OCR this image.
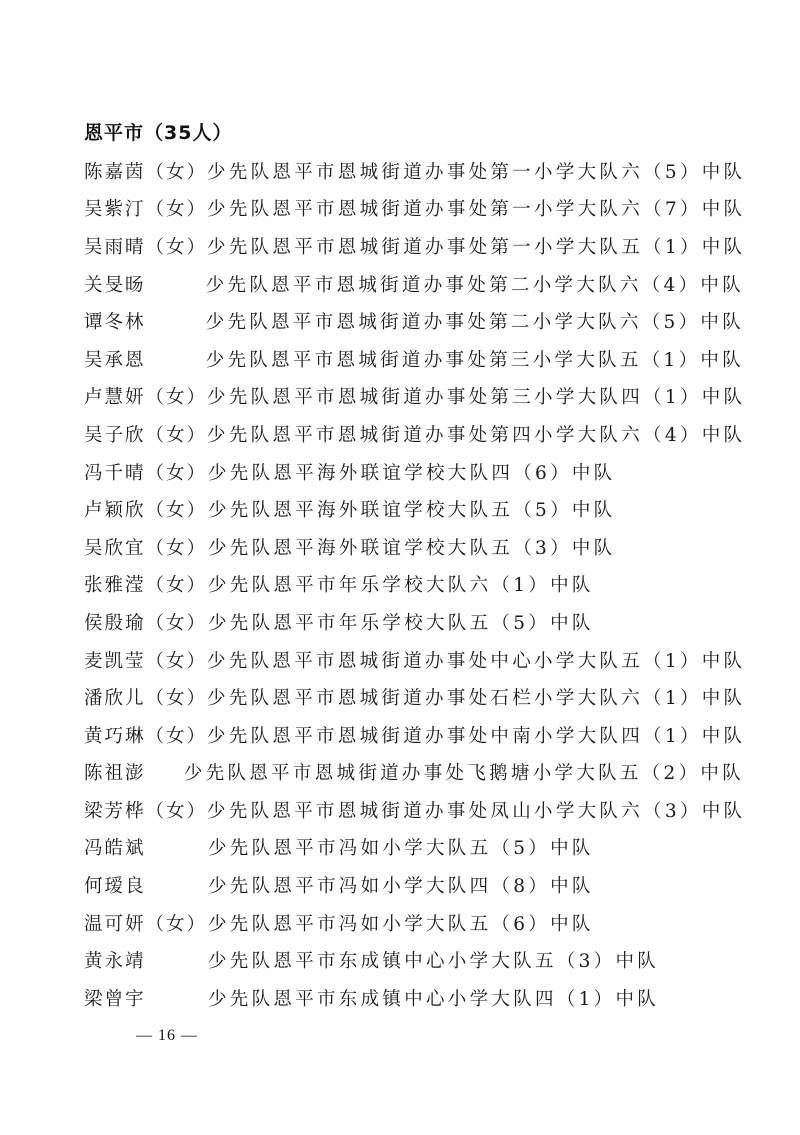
恩平市（35人）
陈嘉茵（女） 少先队恩平市恩城街道办事处第一小学大队六（5）中队
吴紫汀（女） 少先队恩平市恩城街道办事处第一小学大队六（7）中队
吴雨晴（女） 少先队恩平市恩城街道办事处第一小学大队五（1）中队
关旻旸	少先队恩平市恩城街道办事处第二小学大队六（4）中队
谭冬林	少先队恩平市恩城街道办事处第二小学大队六（5）中队
吴承恩	少先队恩平市恩城街道办事处第三小学大队五（1）中队
卢慧妍（女） 少先队恩平市恩城街道办事处第三小学大队四（1）中队
吴子欣（女） 少先队恩平市恩城街道办事处第四小学大队六（4）中队
冯千晴（女） 少先队恩平海外联谊学校大队四（6）中队
卢颖欣（女） 少先队恩平海外联谊学校大队五（5）中队
吴欣宜（女） 少先队恩平海外联谊学校大队五（3）中队
张雅滢（女） 少先队恩平市年乐学校大队六（1）中队
侯殷瑜（女） 少先队恩平市年乐学校大队五（5）中队
麦凯莹（女） 少先队恩平市恩城街道办事处中心小学大队五（1）中队
潘欣儿（女） 少先队恩平市恩城街道办事处石栏小学大队六（1）中队
黄巧琳（女） 少先队恩平市恩城街道办事处中南小学大队四（1）中队
陈祖澎	少先队恩平市恩城街道办事处飞鹅塘小学大队五（2）中队
梁芳桦（女） 少先队恩平市恩城街道办事处凤山小学大队六（3）中队
冯皓斌	少先队恩平市冯如小学大队五（5）中队
何瑷良	少先队恩平市冯如小学大队四（8）中队
温可妍（女） 少先队恩平市冯如小学大队五（6）中队
黄永靖	少先队恩平市东成镇中心小学大队五（3）中队
梁曾宇	少先队恩平市东成镇中心小学大队四（1）中队
— 16 —
